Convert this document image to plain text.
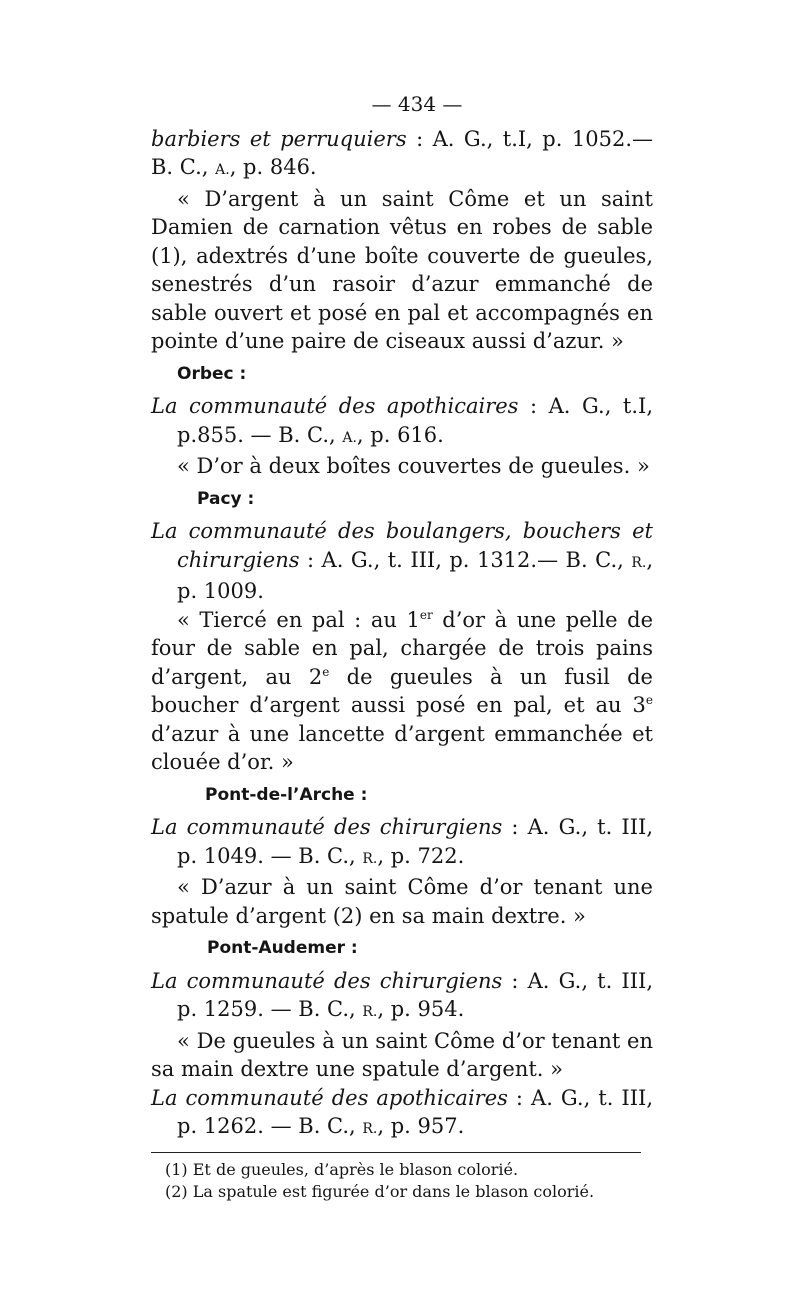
— 434 —
barbiers et perruquiers : A. G., t.I, p. 1052.— B. C., A., p. 846.
« D’argent à un saint Côme et un saint Damien de carnation vêtus en robes de sable (1), adextrés d’une boîte couverte de gueules, senestrés d’un rasoir d’azur emmanché de sable ouvert et posé en pal et accompagnés en pointe d’une paire de ciseaux aussi d’azur. »
Orbec :
La communauté des apothicaires : A. G., t.I, p.855. — B. C., A., p. 616.
« D’or à deux boîtes couvertes de gueules. »
Pacy :
La communauté des boulangers, bouchers et chirurgiens : A. G., t. III, p. 1312.— B. C., R., p. 1009.
« Tiercé en pal : au 1er d’or à une pelle de four de sable en pal, chargée de trois pains d’argent, au 2e de gueules à un fusil de boucher d’argent aussi posé en pal, et au 3e d’azur à une lancette d’argent emmanchée et clouée d’or. »
Pont-de-l’Arche :
La communauté des chirurgiens : A. G., t. III, p. 1049. — B. C., R., p. 722.
« D’azur à un saint Côme d’or tenant une spatule d’argent (2) en sa main dextre. »
Pont-Audemer :
La communauté des chirurgiens : A. G., t. III, p. 1259. — B. C., R., p. 954.
« De gueules à un saint Côme d’or tenant en sa main dextre une spatule d’argent. »
La communauté des apothicaires : A. G., t. III, p. 1262. — B. C., R., p. 957.
(1) Et de gueules, d’après le blason colorié.
(2) La spatule est figurée d’or dans le blason colorié.
